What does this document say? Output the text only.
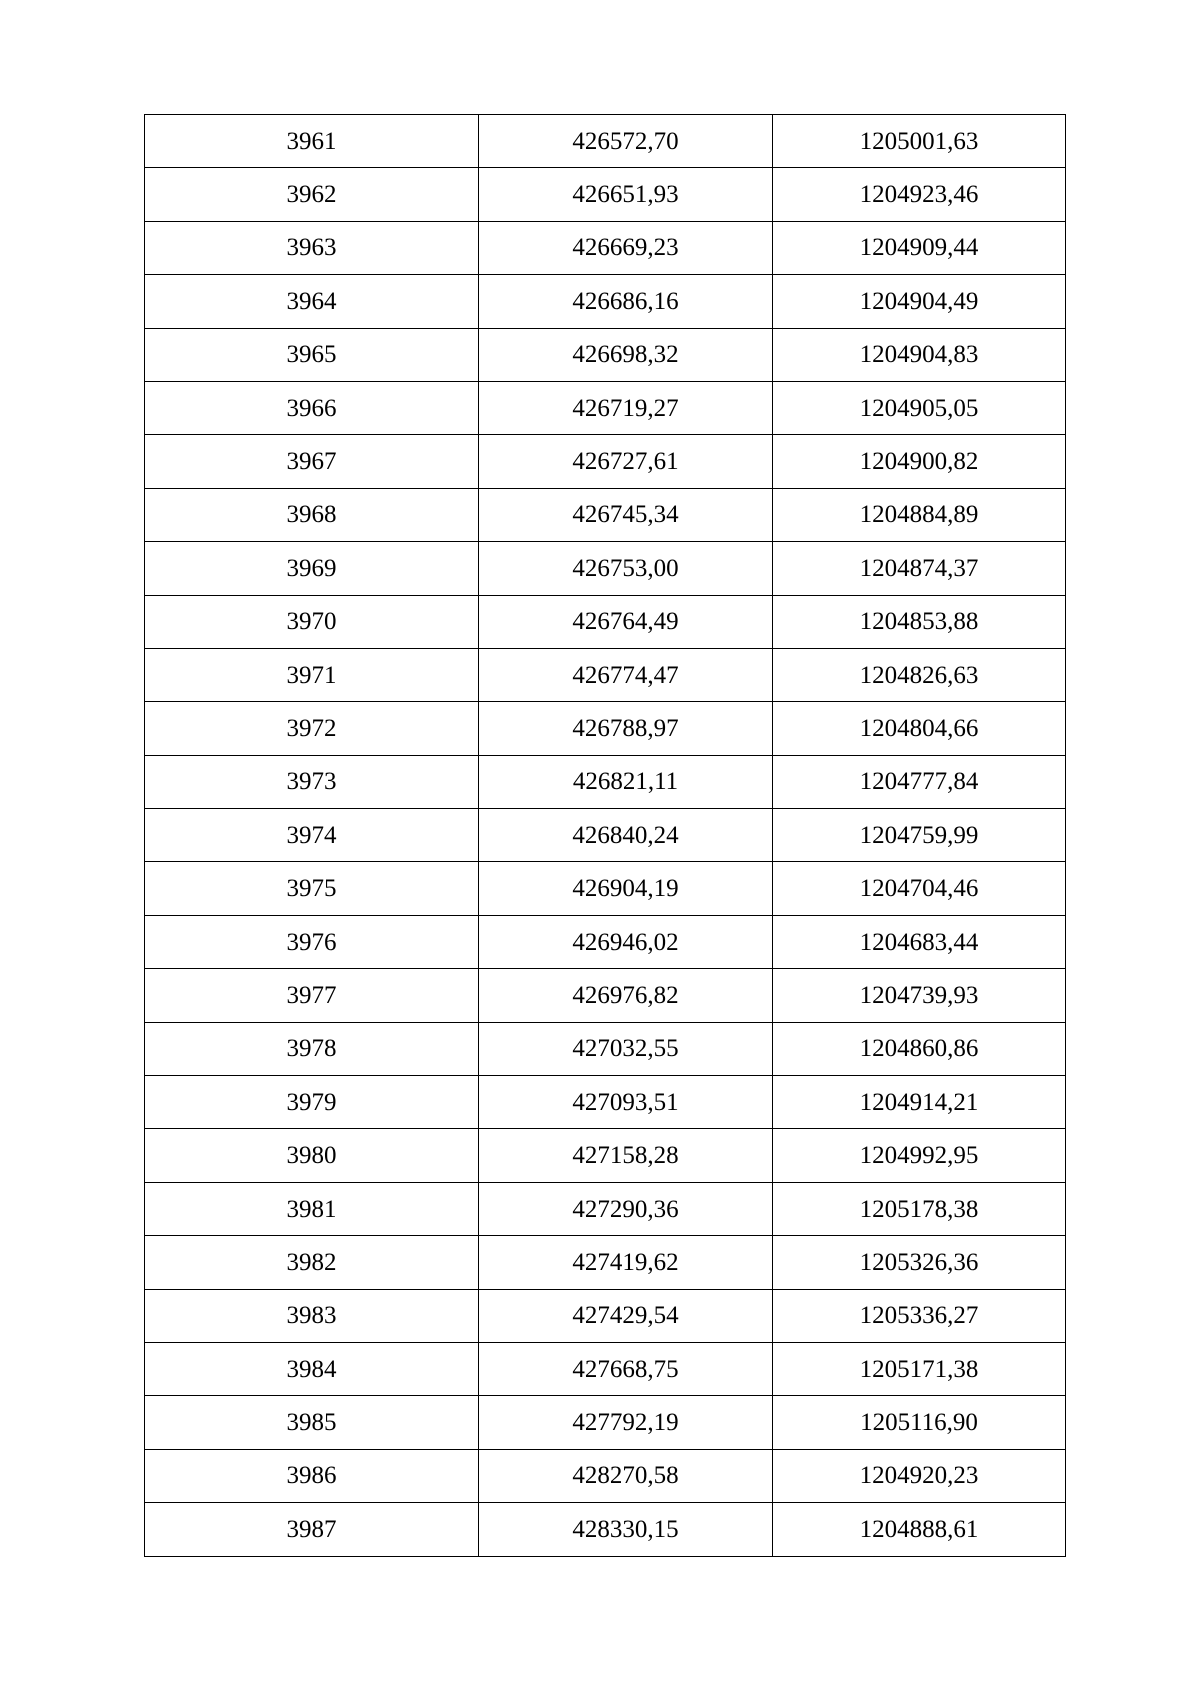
3961	426572,70	1205001,63
3962	426651,93	1204923,46
3963	426669,23	1204909,44
3964	426686,16	1204904,49
3965	426698,32	1204904,83
3966	426719,27	1204905,05
3967	426727,61	1204900,82
3968	426745,34	1204884,89
3969	426753,00	1204874,37
3970	426764,49	1204853,88
3971	426774,47	1204826,63
3972	426788,97	1204804,66
3973	426821,11	1204777,84
3974	426840,24	1204759,99
3975	426904,19	1204704,46
3976	426946,02	1204683,44
3977	426976,82	1204739,93
3978	427032,55	1204860,86
3979	427093,51	1204914,21
3980	427158,28	1204992,95
3981	427290,36	1205178,38
3982	427419,62	1205326,36
3983	427429,54	1205336,27
3984	427668,75	1205171,38
3985	427792,19	1205116,90
3986	428270,58	1204920,23
3987	428330,15	1204888,61
